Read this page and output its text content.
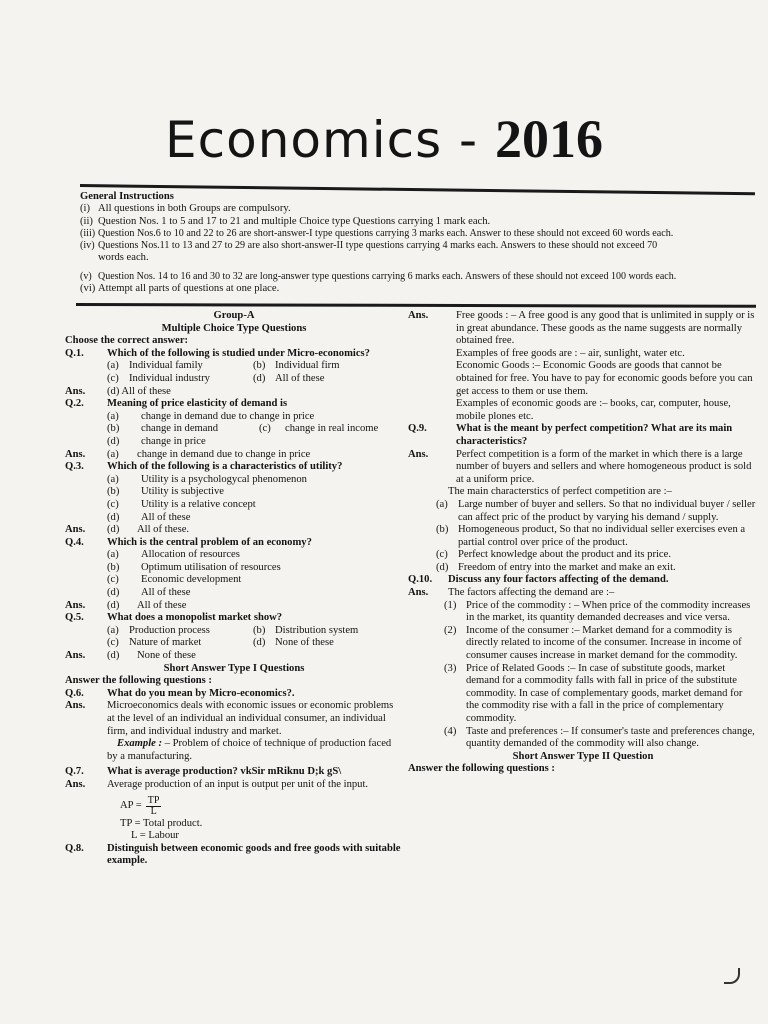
Economics - 2016
General Instructions
(i) All questions in both Groups are compulsory.
(ii) Question Nos. 1 to 5 and 17 to 21 and multiple Choice type Questions carrying 1 mark each.
(iii) Question Nos.6 to 10 and 22 to 26 are short-answer-I type questions carrying 3 marks each. Answer to these should not exceed 60 words each.
(iv) Questions Nos.11 to 13 and 27 to 29 are also short-answer-II type questions carrying 4 marks each. Answers to these should not exceed 70
words each.
(v) Question Nos. 14 to 16 and 30 to 32 are long-answer type questions carrying 6 marks each. Answers of these should not exceed 100 words each.
(vi) Attempt all parts of questions at one place.
Group-A
Multiple Choice Type Questions
Choose the correct answer:
Q.1.	Which of the following is studied under Micro-economics?
(a) Individual family	(b) Individual firm
(c) Individual industry	(d) All of these
Ans.	(d) All of these
Q.2.	Meaning of price elasticity of demand is
(a)	change in demand due to change in price
(b)	change in demand	(c)	change in real income
(d)	change in price
Ans.	(a)	change in demand due to change in price
Q.3.	Which of the following is a characteristics of utility?
(a)	Utility is a psychologycal phenomenon
(b)	Utility is subjective
(c)	Utility is a relative concept
(d)	All of these
Ans.	(d)	All of these.
Q.4.	Which is the central problem of an economy?
(a)	Allocation of resources
(b)	Optimum utilisation of resources
(c)	Economic development
(d)	All of these
Ans.	(d)	All of these
Q.5.	What does a monopolist market show?
(a) Production process	(b) Distribution system
(c) Nature of market	(d) None of these
Ans.	(d)	None of these
Short Answer Type I Questions
Answer the following questions :
Q.6.	What do you mean by Micro-economics?.
Ans.	Microeconomics deals with economic issues or economic problems at the level of an individual an individual consumer, an individual firm, and individual industry and market.
Example : – Problem of choice of technique of production faced by a manufacturing.
Q.7.	What is average production? vkSir mRiknu D;k gS\
Ans.	Average production of an input is output per unit of the input.
AP = $\frac{TP}{L}$
TP = Total product.
L = Labour
Q.8.	Distinguish between economic goods and free goods with suitable example.
Ans.	Free goods : – A free good is any good that is unlimited in supply or is in great abundance. These goods as the name suggests are normally obtained free.
Examples of free goods are : – air, sunlight, water etc.
Economic Goods :– Economic Goods are goods that cannot be obtained for free. You have to pay for economic goods before you can get access to them or use them.
Examples of economic goods are :– books, car, computer, house, mobile plones etc.
Q.9.	What is the meant by perfect competition? What are its main characteristics?
Ans.	Perfect competition is a form of the market in which there is a large number of buyers and sellers and where homogeneous product is sold at a uniform price.
The main characterstics of perfect competition are :–
(a) Large number of buyer and sellers. So that no individual buyer / seller can affect pric of the product by varying his demand / supply.
(b) Homogeneous product, So that no individual seller exercises even a partial control over price of the product.
(c) Perfect knowledge about the product and its price.
(d) Freedom of entry into the market and make an exit.
Q.10.	Discuss any four factors affecting of the demand.
Ans.	The factors affecting the demand are :–
(1) Price of the commodity : – When price of the commodity increases in the market, its quantity demanded decreases and vice versa.
(2) Income of the consumer :– Market demand for a commodity is directly related to income of the consumer. Increase in income of consumer causes increase in market demand for the commodity.
(3) Price of Related Goods :– In case of substitute goods, market demand for a commodity falls with fall in price of the substitute commodity. In case of complementary goods, market demand for the commodity rise with a fall in the price of complementary commodity.
(4) Taste and preferences :– If consumer's taste and preferences change, quantity demanded of the commodity will also change.
Short Answer Type II Question
Answer the following questions :
